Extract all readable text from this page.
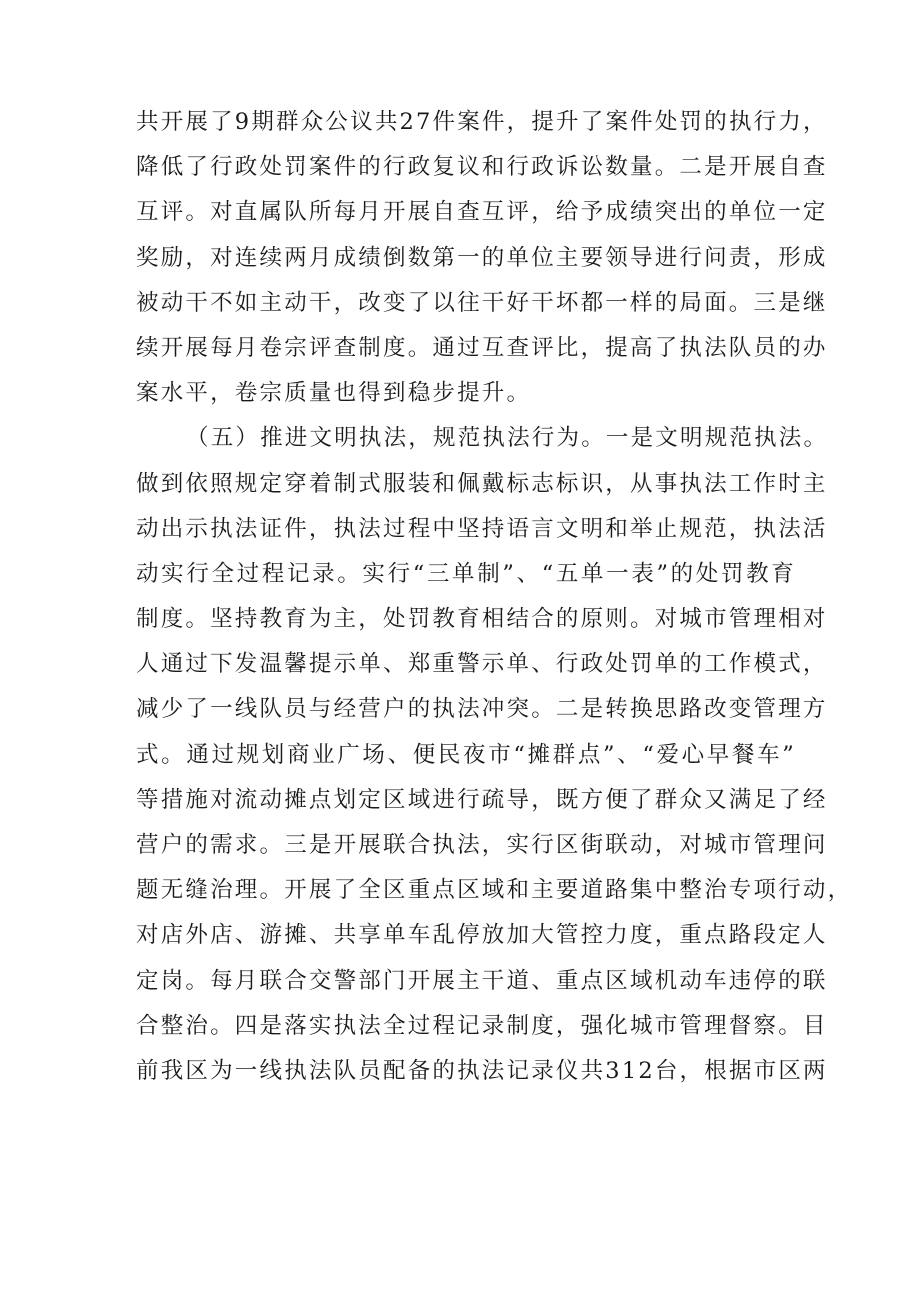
共开展了9期群众公议共27件案件，提升了案件处罚的执行力，
降低了行政处罚案件的行政复议和行政诉讼数量。二是开展自查
互评。对直属队所每月开展自查互评，给予成绩突出的单位一定
奖励，对连续两月成绩倒数第一的单位主要领导进行问责，形成
被动干不如主动干，改变了以往干好干坏都一样的局面。三是继
续开展每月卷宗评查制度。通过互查评比，提高了执法队员的办
案水平，卷宗质量也得到稳步提升。
（五）推进文明执法，规范执法行为。一是文明规范执法。
做到依照规定穿着制式服装和佩戴标志标识，从事执法工作时主
动出示执法证件，执法过程中坚持语言文明和举止规范，执法活
动实行全过程记录。实行“三单制”、“五单一表”的处罚教育
制度。坚持教育为主，处罚教育相结合的原则。对城市管理相对
人通过下发温馨提示单、郑重警示单、行政处罚单的工作模式，
减少了一线队员与经营户的执法冲突。二是转换思路改变管理方
式。通过规划商业广场、便民夜市“摊群点”、“爱心早餐车”
等措施对流动摊点划定区域进行疏导，既方便了群众又满足了经
营户的需求。三是开展联合执法，实行区街联动，对城市管理问
题无缝治理。开展了全区重点区域和主要道路集中整治专项行动，
对店外店、游摊、共享单车乱停放加大管控力度，重点路段定人
定岗。每月联合交警部门开展主干道、重点区域机动车违停的联
合整治。四是落实执法全过程记录制度，强化城市管理督察。目
前我区为一线执法队员配备的执法记录仪共312台，根据市区两
